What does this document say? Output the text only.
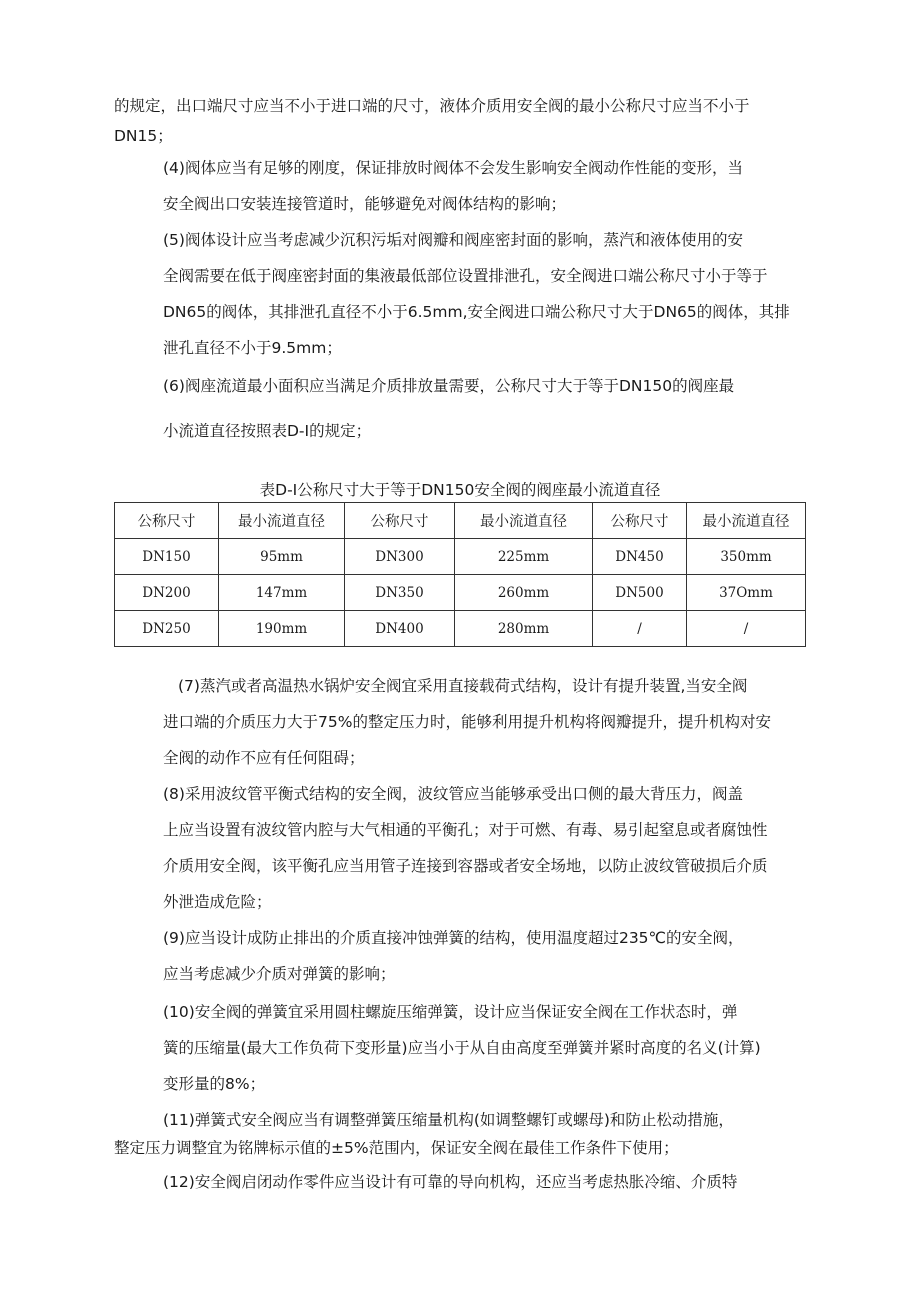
的规定，出口端尺寸应当不小于进口端的尺寸，液体介质用安全阀的最小公称尺寸应当不小于
DN15；
(4)阀体应当有足够的刚度，保证排放时阀体不会发生影响安全阀动作性能的变形，当
安全阀出口安装连接管道时，能够避免对阀体结构的影响；
(5)阀体设计应当考虑减少沉积污垢对阀瓣和阀座密封面的影响，蒸汽和液体使用的安
全阀需要在低于阀座密封面的集液最低部位设置排泄孔，安全阀进口端公称尺寸小于等于
DN65的阀体，其排泄孔直径不小于6.5mm,安全阀进口端公称尺寸大于DN65的阀体，其排
泄孔直径不小于9.5mm；
(6)阀座流道最小面积应当满足介质排放量需要，公称尺寸大于等于DN150的阀座最
小流道直径按照表D-I的规定；
表D-I公称尺寸大于等于DN150安全阀的阀座最小流道直径
公称尺寸	最小流道直径	公称尺寸	最小流道直径	公称尺寸	最小流道直径
DN150	95mm	DN300	225mm	DN450	350mm
DN200	147mm	DN350	260mm	DN500	37Omm
DN250	190mm	DN400	280mm	/	/
(7)蒸汽或者高温热水锅炉安全阀宜采用直接载荷式结构，设计有提升装置,当安全阀
进口端的介质压力大于75%的整定压力时，能够利用提升机构将阀瓣提升，提升机构对安
全阀的动作不应有任何阻碍；
(8)采用波纹管平衡式结构的安全阀，波纹管应当能够承受出口侧的最大背压力，阀盖
上应当设置有波纹管内腔与大气相通的平衡孔；对于可燃、有毒、易引起窒息或者腐蚀性
介质用安全阀，该平衡孔应当用管子连接到容器或者安全场地，以防止波纹管破损后介质
外泄造成危险；
(9)应当设计成防止排出的介质直接冲蚀弹簧的结构，使用温度超过235℃的安全阀，
应当考虑减少介质对弹簧的影响；
(10)安全阀的弹簧宜采用圆柱螺旋压缩弹簧，设计应当保证安全阀在工作状态时，弹
簧的压缩量(最大工作负荷下变形量)应当小于从自由高度至弹簧并紧时高度的名义(计算)
变形量的8%；
(11)弹簧式安全阀应当有调整弹簧压缩量机构(如调整螺钉或螺母)和防止松动措施，
整定压力调整宜为铭牌标示值的±5%范围内，保证安全阀在最佳工作条件下使用；
(12)安全阀启闭动作零件应当设计有可靠的导向机构，还应当考虑热胀冷缩、介质特
